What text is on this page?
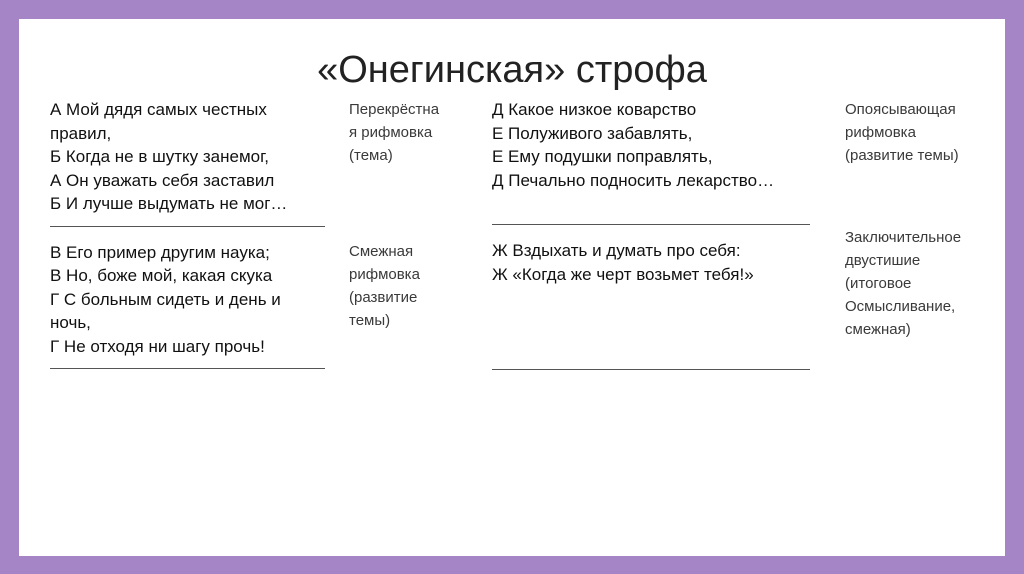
«Онегинская» строфа
А Мой дядя самых честных
правил,
Б Когда не в шутку занемог,
А Он уважать себя заставил
Б И лучше выдумать не мог…
В Его пример другим наука;
В Но, боже мой, какая скука
Г С больным сидеть и день и
ночь,
Г Не отходя ни шагу прочь!
Перекрёстна
я рифмовка
(тема)
Смежная
рифмовка
(развитие
темы)
Д Какое низкое коварство
Е Полуживого забавлять,
Е Ему подушки поправлять,
Д Печально подносить лекарство…
Ж Вздыхать и думать про себя:
Ж «Когда же черт возьмет тебя!»
Опоясывающая
рифмовка
(развитие темы)
Заключительное
двустишие
(итоговое
Осмысливание,
смежная)
